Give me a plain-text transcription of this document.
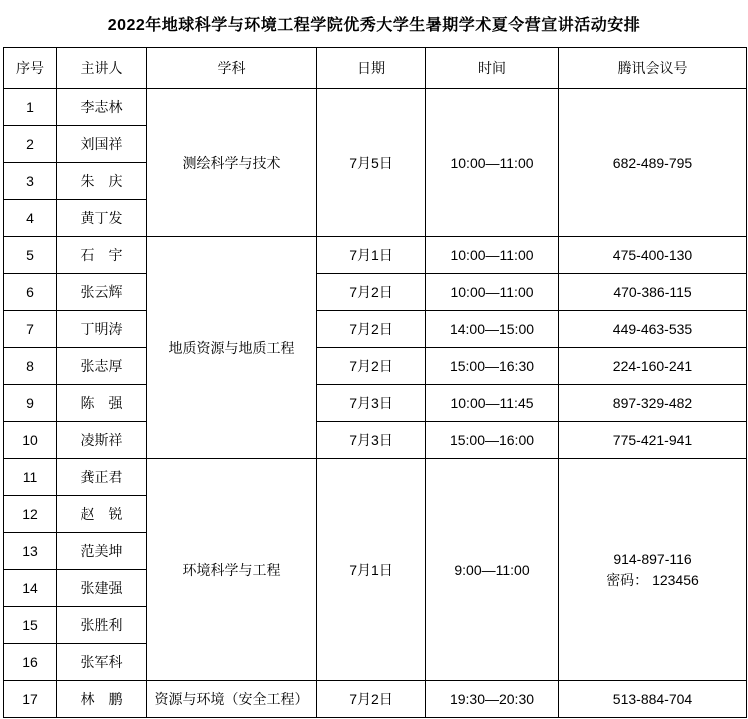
2022年地球科学与环境工程学院优秀大学生暑期学术夏令营宣讲活动安排
序号	主讲人	学科	日期	时间	腾讯会议号
1	李志林	测绘科学与技术	7月5日	10:00—11:00	682-489-795
2	刘国祥				
3	朱　庆				
4	黄丁发				
5	石　宇	地质资源与地质工程	7月1日	10:00—11:00	475-400-130
6	张云辉		7月2日	10:00—11:00	470-386-115
7	丁明涛		7月2日	14:00—15:00	449-463-535
8	张志厚		7月2日	15:00—16:30	224-160-241
9	陈　强		7月3日	10:00—11:45	897-329-482
10	凌斯祥		7月3日	15:00—16:00	775-421-941
11	龚正君	环境科学与工程	7月1日	9:00—11:00	914-897-116
密码： 123456

12	赵　锐				
13	范美坤				
14	张建强				
15	张胜利				
16	张军科				
17	林　鹏	资源与环境（安全工程）	7月2日	19:30—20:30	513-884-704
